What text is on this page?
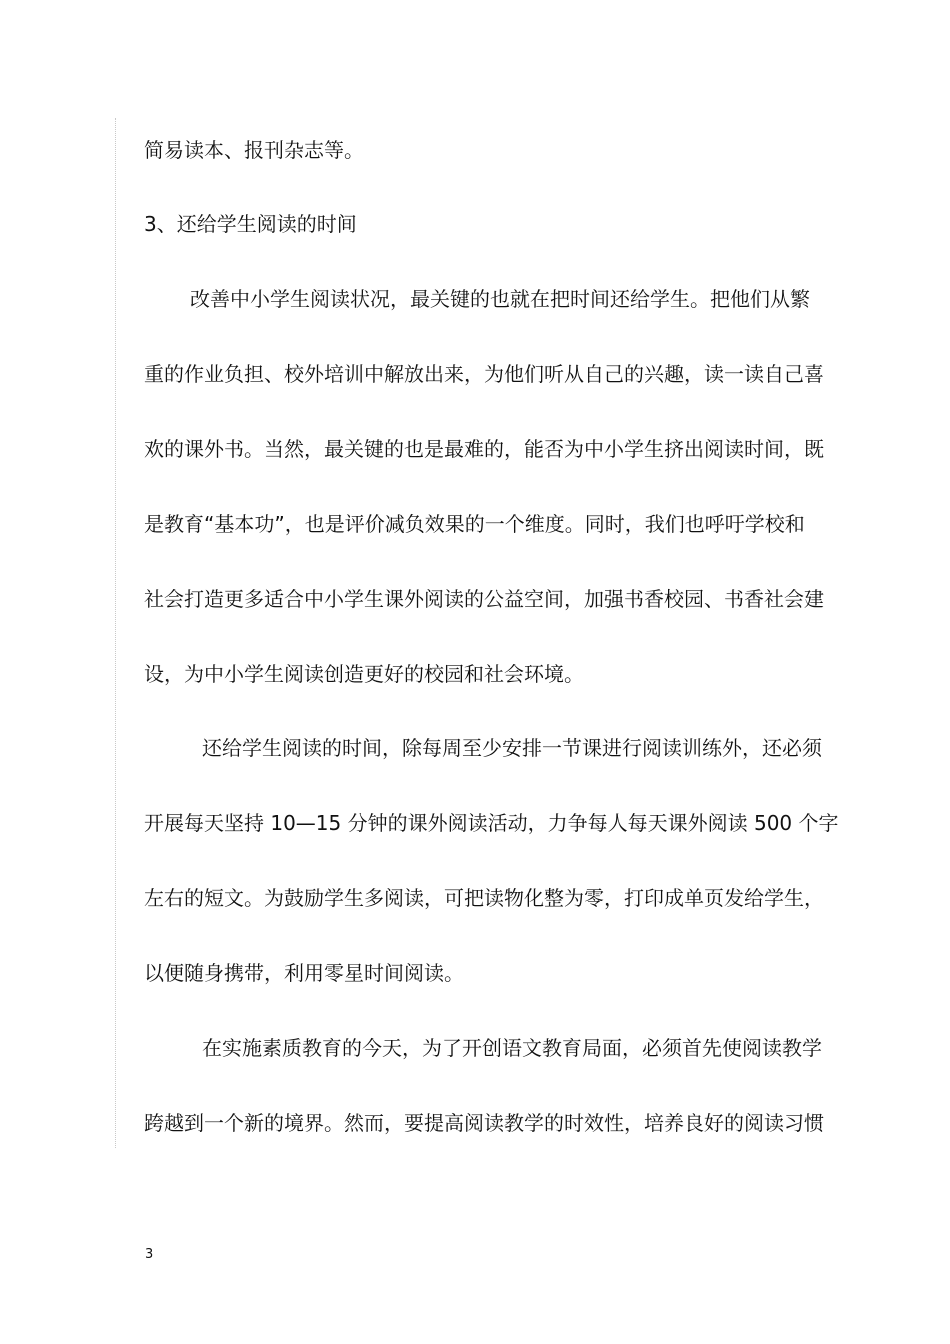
简易读本、报刊杂志等。
3、还给学生阅读的时间
改善中小学生阅读状况，最关键的也就在把时间还给学生。把他们从繁
重的作业负担、校外培训中解放出来，为他们听从自己的兴趣，读一读自己喜
欢的课外书。当然，最关键的也是最难的，能否为中小学生挤出阅读时间，既
是教育“基本功”，也是评价减负效果的一个维度。同时，我们也呼吁学校和
社会打造更多适合中小学生课外阅读的公益空间，加强书香校园、书香社会建
设，为中小学生阅读创造更好的校园和社会环境。
还给学生阅读的时间，除每周至少安排一节课进行阅读训练外，还必须
开展每天坚持 10—15 分钟的课外阅读活动，力争每人每天课外阅读 500 个字
左右的短文。为鼓励学生多阅读，可把读物化整为零，打印成单页发给学生，
以便随身携带，利用零星时间阅读。
在实施素质教育的今天，为了开创语文教育局面，必须首先使阅读教学
跨越到一个新的境界。然而，要提高阅读教学的时效性，培养良好的阅读习惯
3
